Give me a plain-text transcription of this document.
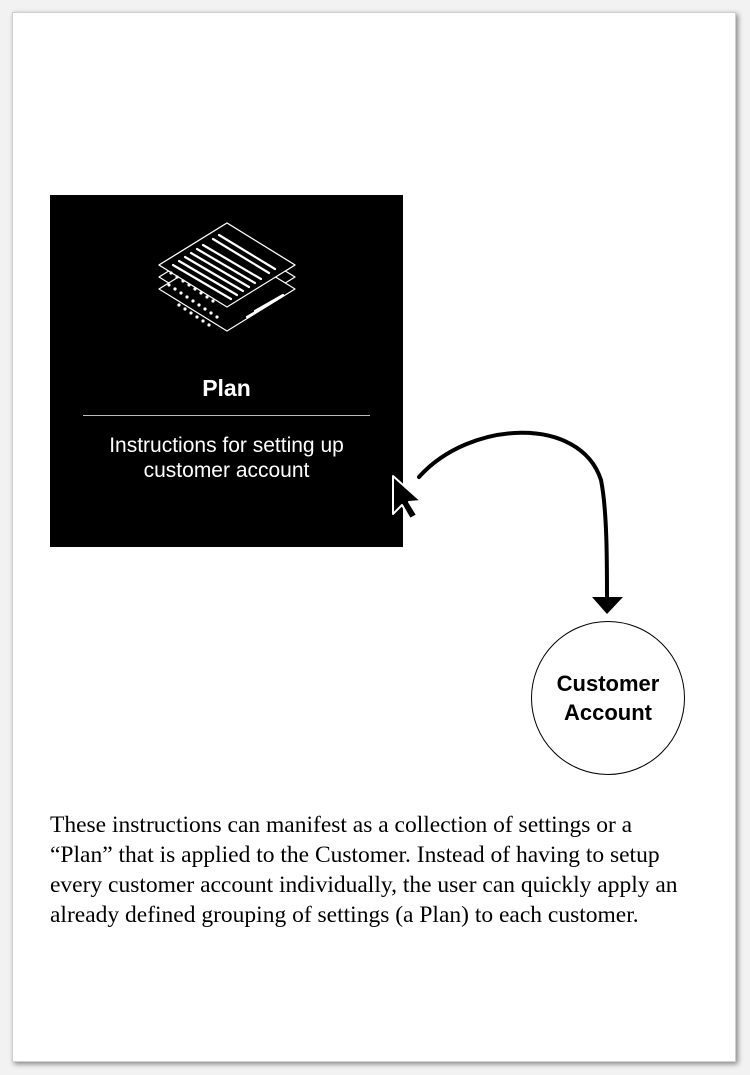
Plan
Instructions for setting up customer account
Customer Account
These instructions can manifest as a collection of settings or a “Plan” that is applied to the Customer. Instead of having to setup every customer account individually, the user can quickly apply an already defined grouping of settings (a Plan) to each customer.
